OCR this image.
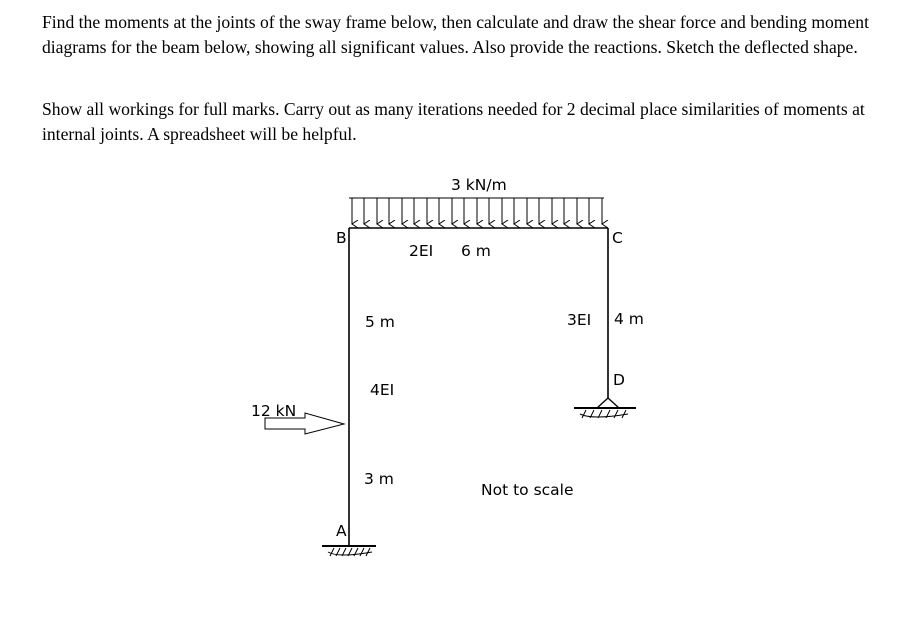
Find the moments at the joints of the sway frame below, then calculate and draw the shear force and bending moment diagrams for the beam below, showing all significant values. Also provide the reactions. Sketch the deflected shape.
Show all workings for full marks. Carry out as many iterations needed for 2 decimal place similarities of moments at internal joints. A spreadsheet will be helpful.
3 kN/m
B	C
2EI 6 m
5 m	3EI 4 m
D
4EI
12 kN
3 m
Not to scale
A
